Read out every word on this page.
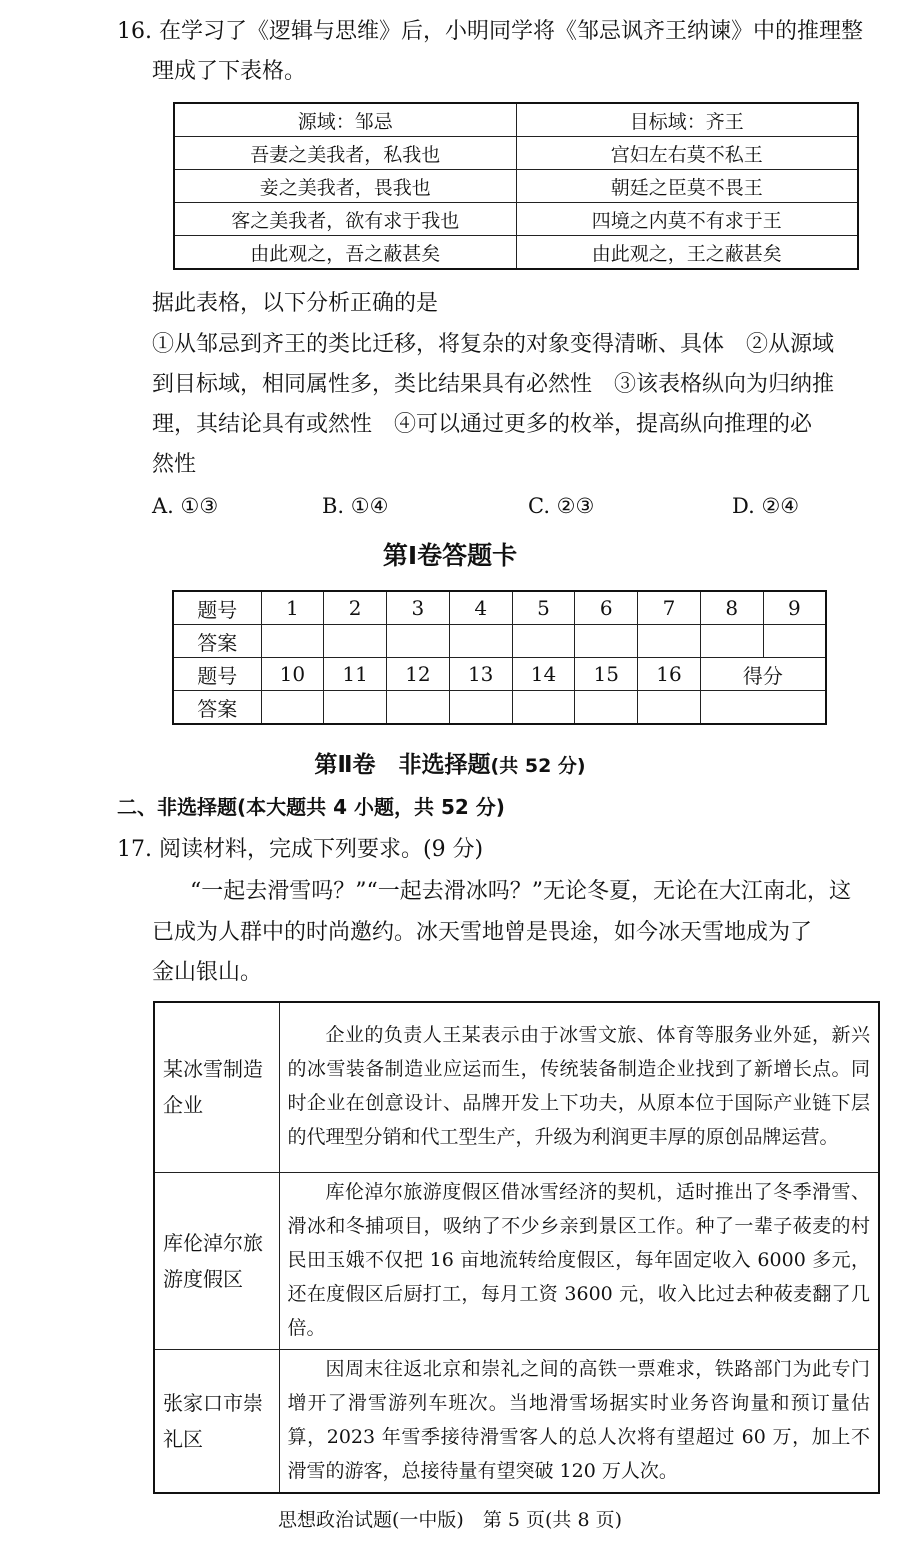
16. 在学习了《逻辑与思维》后，小明同学将《邹忌讽齐王纳谏》中的推理整
理成了下表格。
源域：邹忌	目标域：齐王
吾妻之美我者，私我也	宫妇左右莫不私王
妾之美我者，畏我也	朝廷之臣莫不畏王
客之美我者，欲有求于我也	四境之内莫不有求于王
由此观之，吾之蔽甚矣	由此观之，王之蔽甚矣
据此表格，以下分析正确的是
①从邹忌到齐王的类比迁移，将复杂的对象变得清晰、具体　②从源域
到目标域，相同属性多，类比结果具有必然性　③该表格纵向为归纳推
理，其结论具有或然性　④可以通过更多的枚举，提高纵向推理的必
然性
A. ①③	B. ①④	C. ②③	D. ②④
第Ⅰ卷答题卡
题号	1	2	3	4	5	6	7	8	9
答案									
题号	10	11	12	13	14	15	16	得分	
答案									
第Ⅱ卷　非选择题(共 52 分)
二、非选择题(本大题共 4 小题，共 52 分)
17. 阅读材料，完成下列要求。(9 分)
“一起去滑雪吗？”“一起去滑冰吗？”无论冬夏，无论在大江南北，这
已成为人群中的时尚邀约。冰天雪地曾是畏途，如今冰天雪地成为了
金山银山。
某冰雪制造企业	企业的负责人王某表示由于冰雪文旅、体育等服务业外延，新兴的冰雪装备制造业应运而生，传统装备制造企业找到了新增长点。同时企业在创意设计、品牌开发上下功夫，从原本位于国际产业链下层的代理型分销和代工型生产，升级为利润更丰厚的原创品牌运营。

库伦淖尔旅游度假区	库伦淖尔旅游度假区借冰雪经济的契机，适时推出了冬季滑雪、滑冰和冬捕项目，吸纳了不少乡亲到景区工作。种了一辈子莜麦的村民田玉娥不仅把 16 亩地流转给度假区，每年固定收入 6000 多元，还在度假区后厨打工，每月工资 3600 元，收入比过去种莜麦翻了几倍。

张家口市崇礼区	因周末往返北京和崇礼之间的高铁一票难求，铁路部门为此专门增开了滑雪游列车班次。当地滑雪场据实时业务咨询量和预订量估算，2023 年雪季接待滑雪客人的总人次将有望超过 60 万，加上不滑雪的游客，总接待量有望突破 120 万人次。

思想政治试题(一中版)　第 5 页(共 8 页)
